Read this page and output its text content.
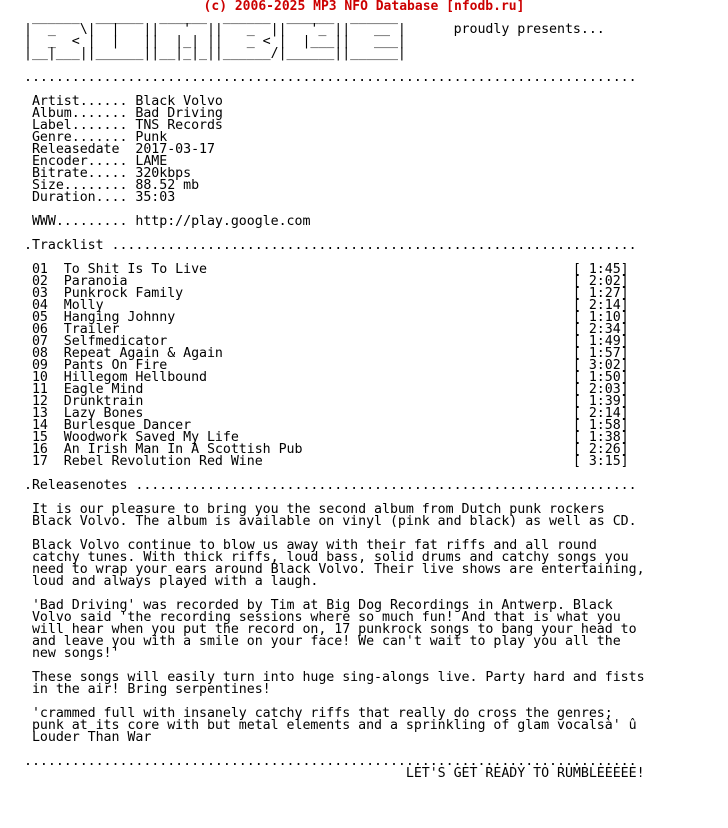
(c) 2006-2025 MP3 NFO Database [nfodb.ru]
______  ______  ______  ______  ______  ______
|  _   \|  |   ||   '  ||   _  ||   '_ ||   __ |      proudly presents...
|  _  < |  |   ||  |_| ||   _ < |  |___||   ___|
|__|___||______||__|_|_||______/|______||______|

.............................................................................

Artist...... Black Volvo
Album....... Bad Driving
Label....... TNS Records
Genre....... Punk
Releasedate  2017-03-17
Encoder..... LAME
Bitrate..... 320kbps
Size........ 88.52 mb
Duration.... 35:03

WWW......... http://play.google.com

.Tracklist ..................................................................

01  To Shit Is To Live                                              [ 1:45]
02  Paranoia                                                        [ 2:02]
03  Punkrock Family                                                 [ 1:27]
04  Molly                                                           [ 2:14]
05  Hanging Johnny                                                  [ 1:10]
06  Trailer                                                         [ 2:34]
07  Selfmedicator                                                   [ 1:49]
08  Repeat Again & Again                                            [ 1:57]
09  Pants On Fire                                                   [ 3:02]
10  Hillegom Hellbound                                              [ 1:50]
11  Eagle Mind                                                      [ 2:03]
12  Drunktrain                                                      [ 1:39]
13  Lazy Bones                                                      [ 2:14]
14  Burlesque Dancer                                                [ 1:58]
15  Woodwork Saved My Life                                          [ 1:38]
16  An Irish Man In A Scottish Pub                                  [ 2:26]
17  Rebel Revolution Red Wine                                       [ 3:15]

.Releasenotes ...............................................................

It is our pleasure to bring you the second album from Dutch punk rockers
Black Volvo. The album is available on vinyl (pink and black) as well as CD.

Black Volvo continue to blow us away with their fat riffs and all round
catchy tunes. With thick riffs, loud bass, solid drums and catchy songs you
need to wrap your ears around Black Volvo. Their live shows are entertaining,
loud and always played with a laugh.

'Bad Driving' was recorded by Tim at Big Dog Recordings in Antwerp. Black
Volvo said 'the recording sessions where so much fun! And that is what you
will hear when you put the record on, 17 punkrock songs to bang your head to
and leave you with a smile on your face! We can't wait to play you all the
new songs!'

These songs will easily turn into huge sing-alongs live. Party hard and fists
in the air! Bring serpentines!

'crammed full with insanely catchy riffs that really do cross the genres;
punk at its core with but metal elements and a sprinkling of glam vocalsà' û
Louder Than War

.............................................................................
LET'S GET READY TO RUMBLEEEEE!
